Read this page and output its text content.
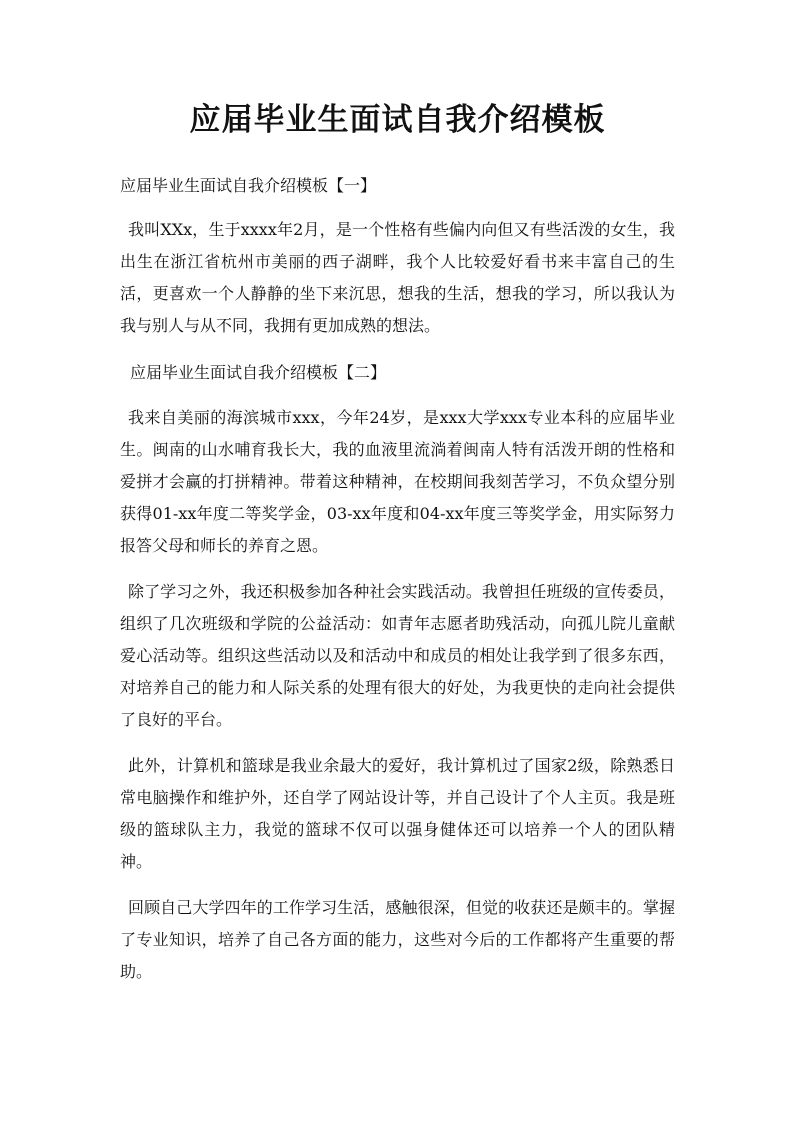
应届毕业生面试自我介绍模板

应届毕业生面试自我介绍模板【一】

我叫XXx，生于xxxx年2月，是一个性格有些偏内向但又有些活泼的女生，我出生在浙江省杭州市美丽的西子湖畔，我个人比较爱好看书来丰富自己的生活，更喜欢一个人静静的坐下来沉思，想我的生活，想我的学习，所以我认为我与别人与从不同，我拥有更加成熟的想法。

应届毕业生面试自我介绍模板【二】

我来自美丽的海滨城市xxx，今年24岁，是xxx大学xxx专业本科的应届毕业生。闽南的山水哺育我长大，我的血液里流淌着闽南人特有活泼开朗的性格和爱拼才会赢的打拼精神。带着这种精神，在校期间我刻苦学习，不负众望分别获得01-xx年度二等奖学金，03-xx年度和04-xx年度三等奖学金，用实际努力报答父母和师长的养育之恩。

除了学习之外，我还积极参加各种社会实践活动。我曾担任班级的宣传委员，组织了几次班级和学院的公益活动：如青年志愿者助残活动，向孤儿院儿童献爱心活动等。组织这些活动以及和活动中和成员的相处让我学到了很多东西，对培养自己的能力和人际关系的处理有很大的好处，为我更快的走向社会提供了良好的平台。

此外，计算机和篮球是我业余最大的爱好，我计算机过了国家2级，除熟悉日常电脑操作和维护外，还自学了网站设计等，并自己设计了个人主页。我是班级的篮球队主力，我觉的篮球不仅可以强身健体还可以培养一个人的团队精神。

回顾自己大学四年的工作学习生活，感触很深，但觉的收获还是颇丰的。掌握了专业知识，培养了自己各方面的能力，这些对今后的工作都将产生重要的帮助。
